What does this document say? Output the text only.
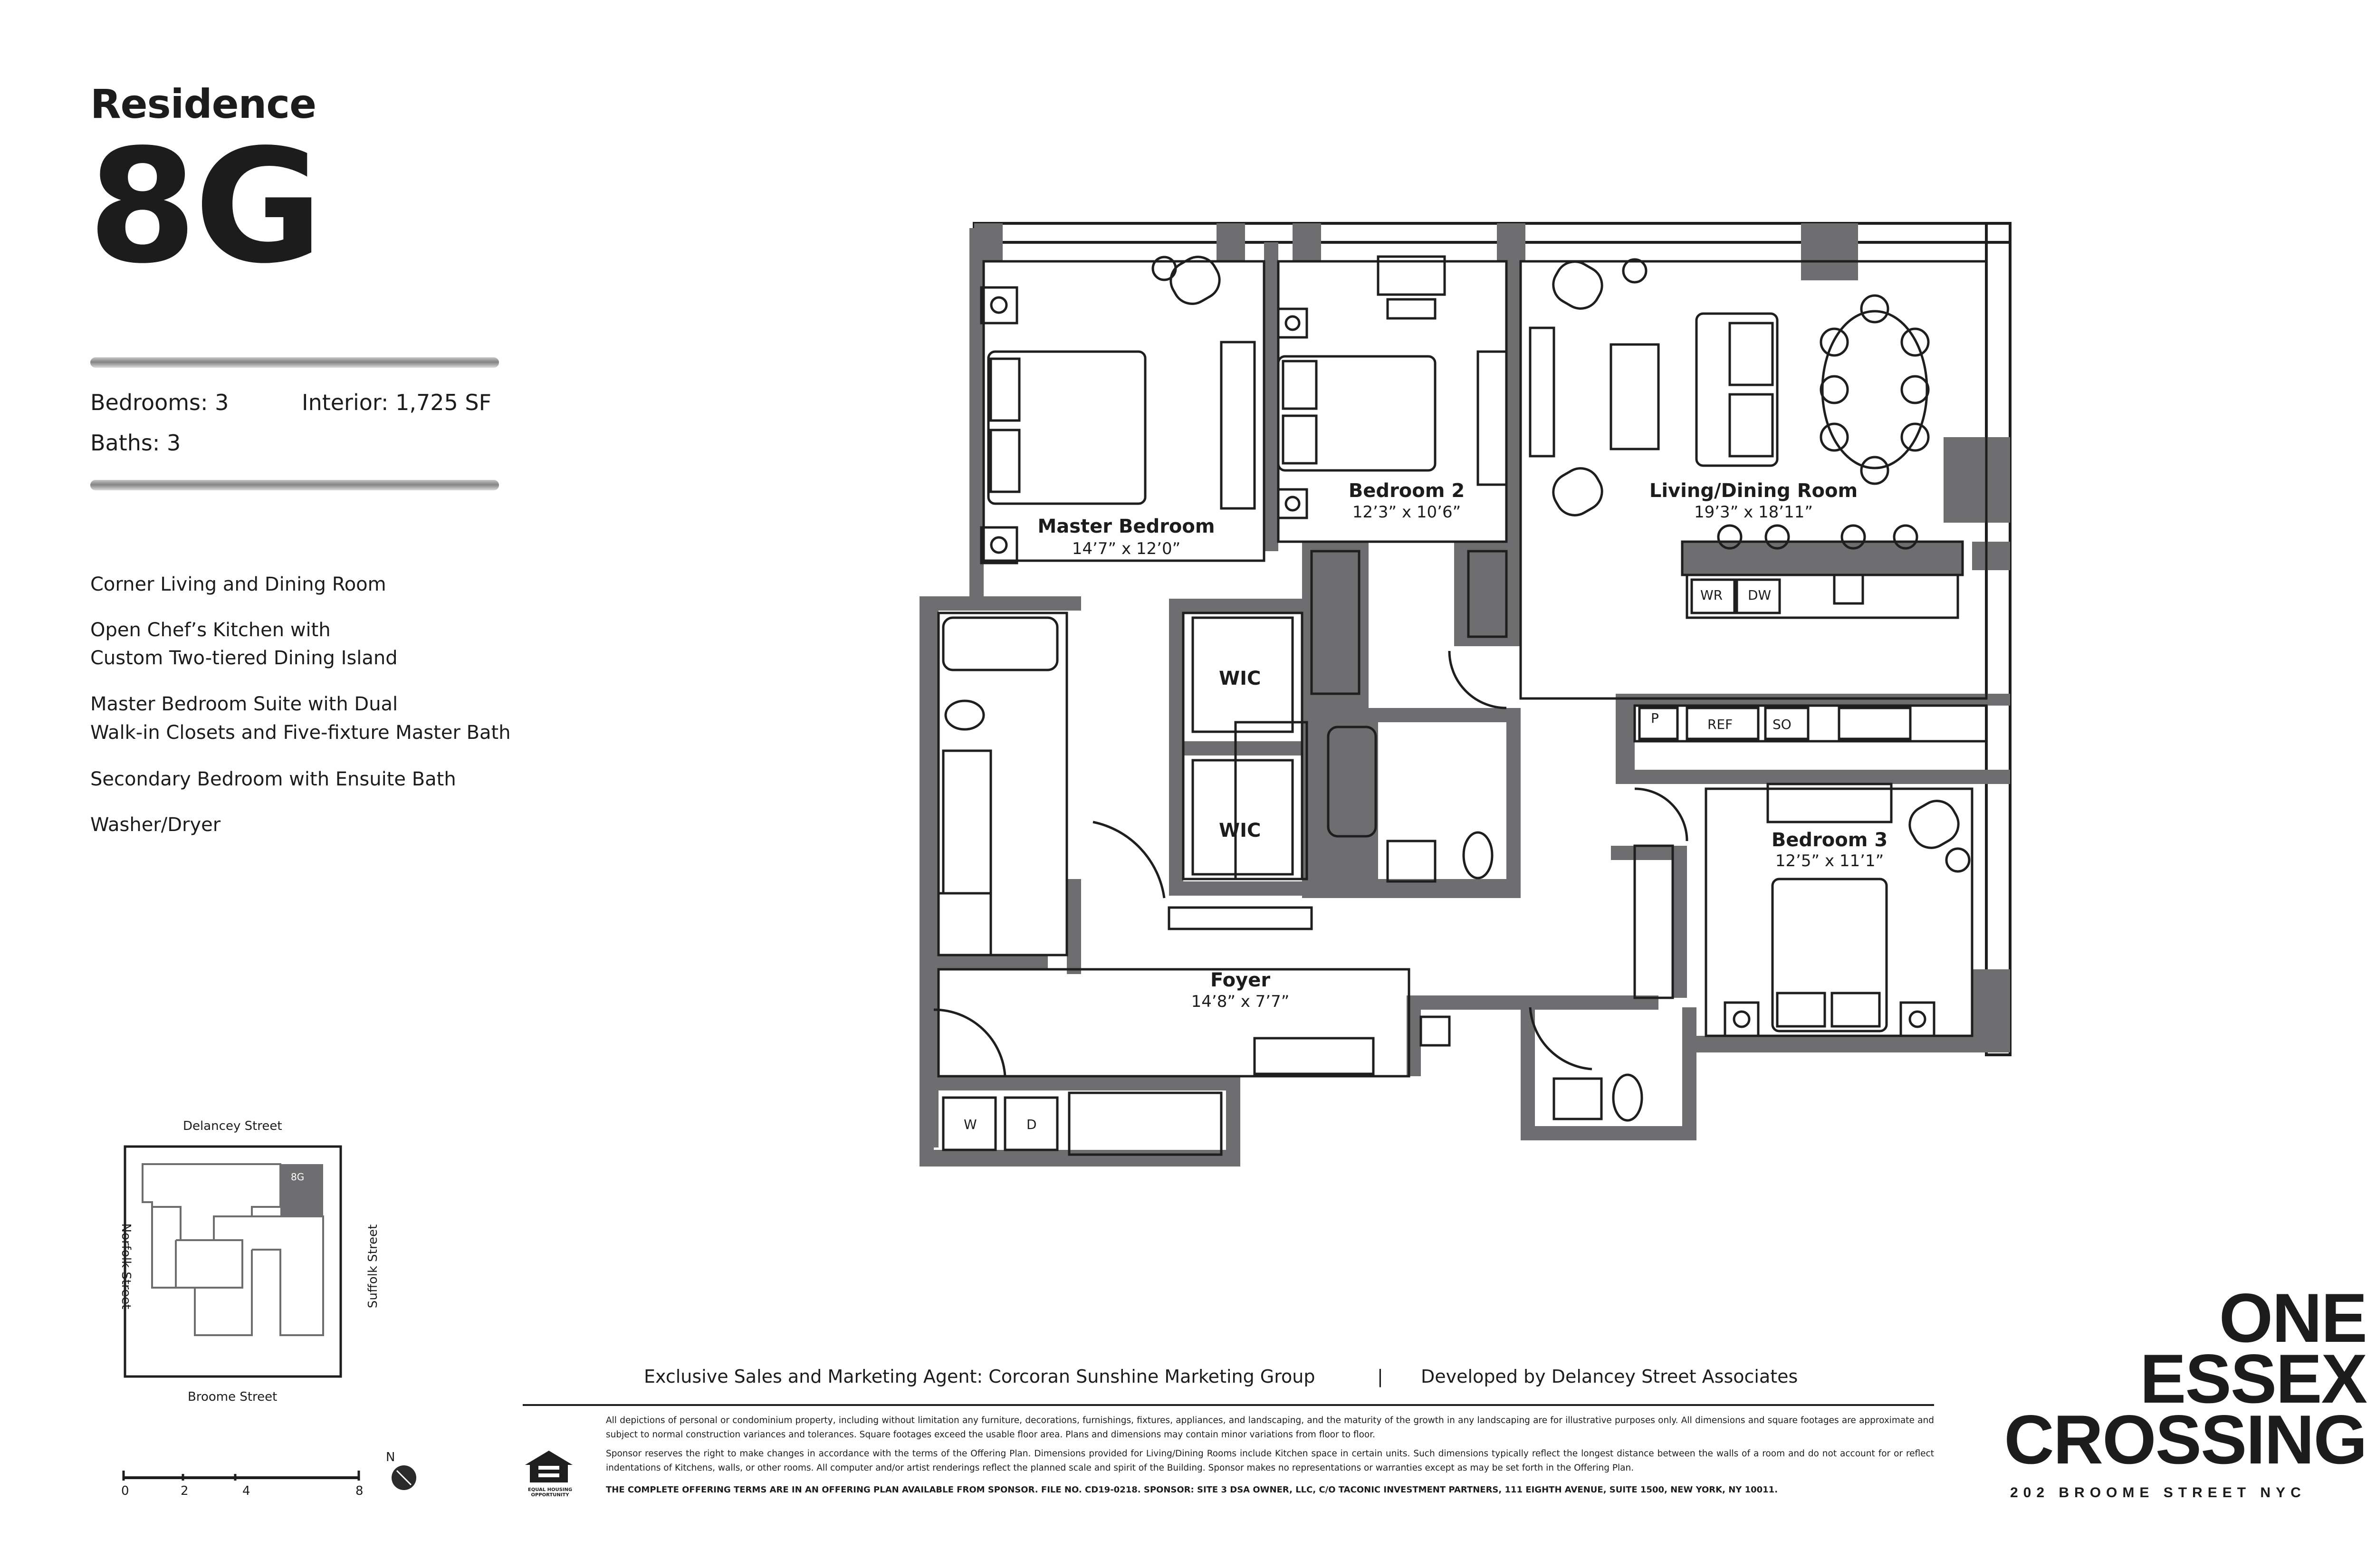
Residence
8G
Bedrooms: 3	Interior: 1,725 SF
Baths: 3
Corner Living and Dining Room
Open Chef’s Kitchen with
Custom Two-tiered Dining Island
Master Bedroom Suite with Dual
Walk-in Closets and Five-fixture Master Bath
Secondary Bedroom with Ensuite Bath
Washer/Dryer
Master Bedroom
14’7” x 12’0”
Bedroom 2
12’3” x 10’6”
Living/Dining Room
19’3” x 18’11”
Bedroom 3
12’5” x 11’1”
Foyer
14’8” x 7’7”
WIC
WIC
WR DW
P	REF	SO
W	D
Delancey Street
Broome Street
Norfolk Street	Suffolk Street
8G
0	2	4	8
N
Exclusive Sales and Marketing Agent: Corcoran Sunshine Marketing Group	| Developed by Delancey Street Associates
EQUAL HOUSING OPPORTUNITY
All depictions of personal or condominium property, including without limitation any furniture, decorations, furnishings, fixtures, appliances, and landscaping, and the maturity of the growth in any landscaping are for illustrative purposes only. All dimensions and square footages are approximate and subject to normal construction variances and tolerances. Square footages exceed the usable floor area. Plans and dimensions may contain minor variations from floor to floor.
Sponsor reserves the right to make changes in accordance with the terms of the Offering Plan. Dimensions provided for Living/Dining Rooms include Kitchen space in certain units. Such dimensions typically reflect the longest distance between the walls of a room and do not account for or reflect indentations of Kitchens, walls, or other rooms. All computer and/or artist renderings reflect the planned scale and spirit of the Building. Sponsor makes no representations or warranties except as may be set forth in the Offering Plan.
THE COMPLETE OFFERING TERMS ARE IN AN OFFERING PLAN AVAILABLE FROM SPONSOR. FILE NO. CD19-0218. SPONSOR: SITE 3 DSA OWNER, LLC, C/O TACONIC INVESTMENT PARTNERS, 111 EIGHTH AVENUE, SUITE 1500, NEW YORK, NY 10011.
ONE
ESSEX
CROSSING
202 BROOME STREET NYC
